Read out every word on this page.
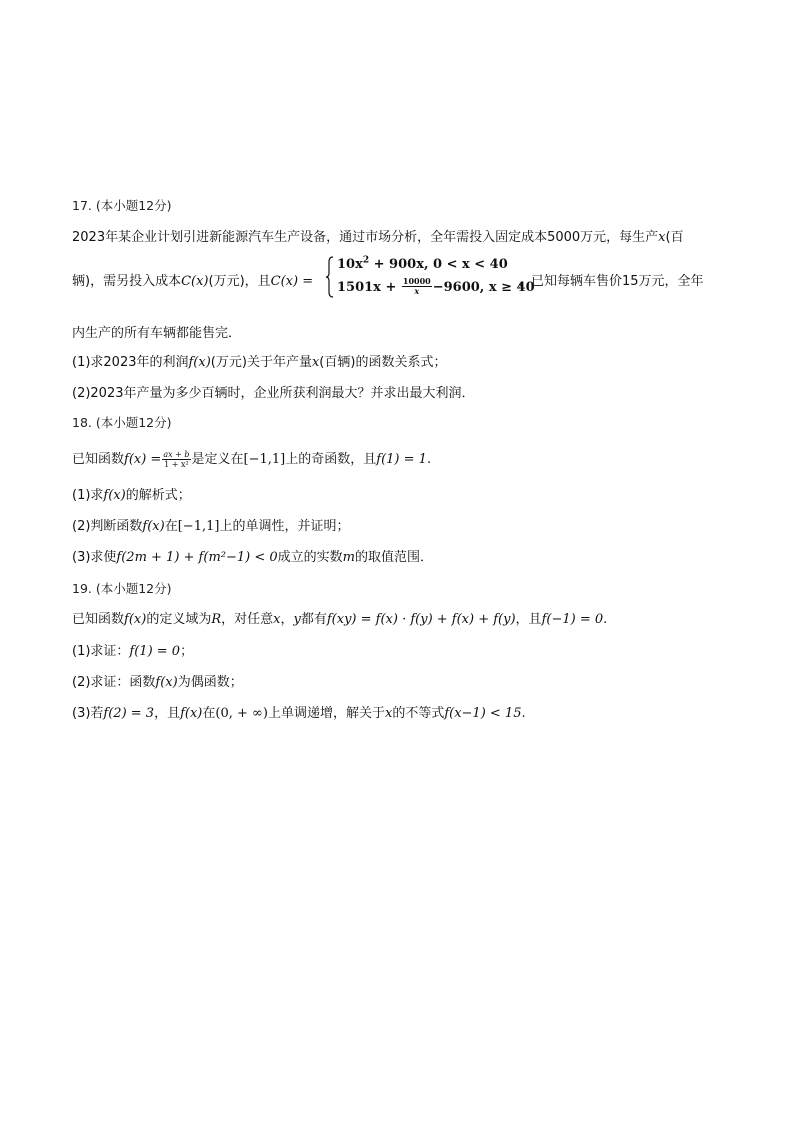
17. (本小题12分)
2023年某企业计划引进新能源汽车生产设备，通过市场分析，全年需投入固定成本5000万元，每生产x(百
辆)，需另投入成本C(x)(万元)，且C(x) =
$10x^2 + 900x$, 0 < x < 40
$1501x + \frac{10000}{x} -9600$, x ≥ 40
，已知每辆车售价15万元，全年
内生产的所有车辆都能售完．
(1)求2023年的利润f(x)(万元)关于年产量x(百辆)的函数关系式；
(2)2023年产量为多少百辆时，企业所获利润最大？并求出最大利润．
18. (本小题12分)
已知函数$f(x) = \frac{ax + b}{\text{1 + x²}}$ 是定义在[−1,1]上的奇函数，且f(1) = 1.
(1)求f(x)的解析式；
(2)判断函数f(x)在[−1,1]上的单调性，并证明；
(3)求使f(2m + 1) + f(m²−1) < 0成立的实数m的取值范围．
19. (本小题12分)
已知函数f(x)的定义域为R，对任意x，y都有f(xy) = f(x) · f(y) + f(x) + f(y)，且f(−1) = 0.
(1)求证：f(1) = 0；
(2)求证：函数f(x)为偶函数；
(3)若f(2) = 3，且f(x)在(0, + ∞)上单调递增，解关于x的不等式f(x−1) < 15.
